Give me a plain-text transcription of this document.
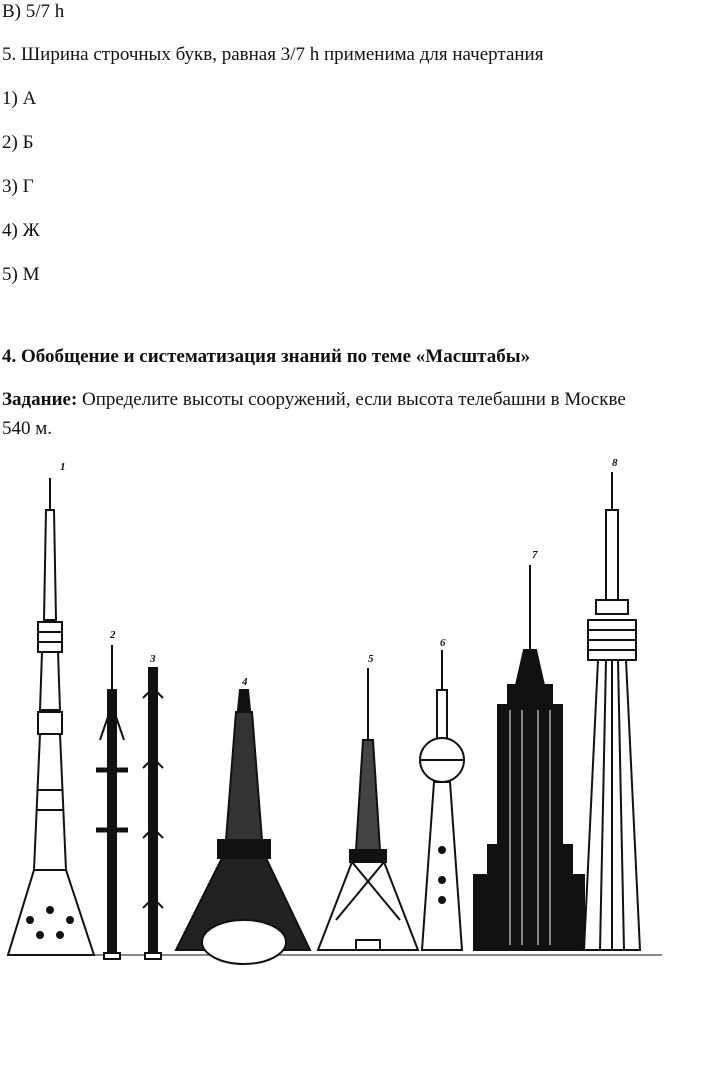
В) 5/7 h
5. Ширина строчных букв, равная 3/7 h применима для начертания
1) А
2) Б
3) Г
4) Ж
5) М
4. Обобщение и систематизация знаний по теме «Масштабы»
Задание: Определите высоты сооружений, если высота телебашни в Москве
540 м.
1
2
3
4
5
6
7
8
